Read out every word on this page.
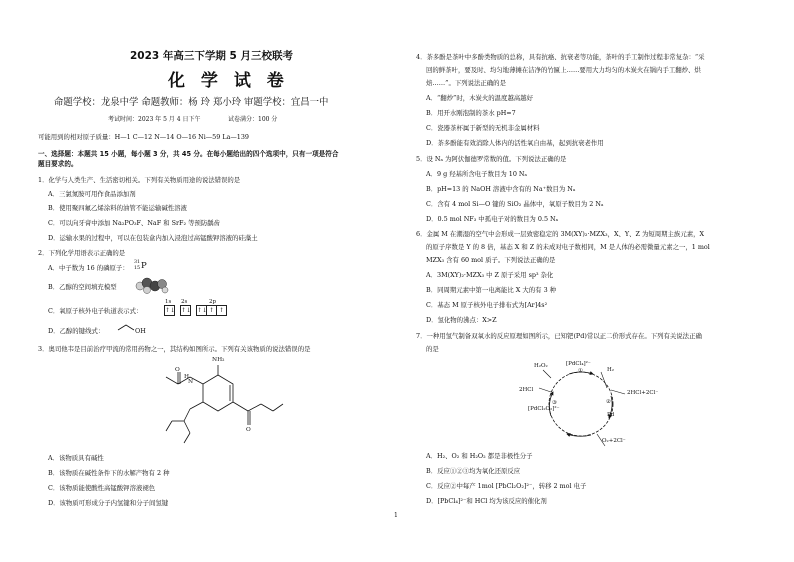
2023 年高三下学期 5 月三校联考
化 学 试 卷
命题学校：龙泉中学 命题教师：杨 玲 郑小玲 审题学校：宜昌一中
考试时间：2023 年 5 月 4 日下午	试卷满分：100 分
可能用到的相对原子质量：H—1 C—12 N—14 O—16 Ni—59 La—139
一、选择题：本题共 15 小题，每小题 3 分，共 45 分。在每小题给出的四个选项中，只有一项是符合
题目要求的。
1．化学与人类生产、生活密切相关。下列有关物质用途的说法错误的是
A．三氯氮胺可用作食品添加剂
B．使用聚四氟乙烯涂料的油管不能运输碱性溶液
C．可以向牙膏中添加 Na₂PO₃F、NaF 和 SrF₂ 等预防龋齿
D．运输水果的过程中，可以在包装盒内加入浸泡过高锰酸钾溶液的硅藻土
2．下列化学用语表示正确的是
A．中子数为 16 的磷原子：
31
15 P
B．乙醇的空间填充模型
C．氧原子核外电子轨道表示式：
1s 2s	2p
↑↓ ↑↓ ↑↓ ↑ ↑
D．乙醇的键线式：	OH
3．奥司他韦是目前治疗甲流的常用药物之一，其结构如图所示。下列有关该物质的说法错误的是
NH₂
O
H
N
O
A．该物质具有碱性
B．该物质在碱性条件下的水解产物有 2 种
C．该物质能使酸性高锰酸钾溶液褪色
D．该物质可形成分子内氢键和分子间氢键
4．茶多酚是茶叶中多酚类物质的总称，具有抗癌、抗衰老等功能，茶叶的手工制作过程非常复杂：“采
回的鲜茶叶，要及时、均匀地薄摊在洁净的竹匾上……要用大力均匀的木炭火在锅内手工翻炒、烘
焙……”。下列说法正确的是
A．“翻炒”时，木炭火的温度越高越好
B．用开水刚泡制的茶水 pH=7
C．瓷器茶杯属于新型的无机非金属材料
D．茶多酚能有效消除人体内的活性氧自由基，起到抗衰老作用
5．设 Nₐ 为阿伏伽德罗常数的值。下列说法正确的是
A．9 g 羟基所含电子数目为 10 Nₐ
B．pH=13 的 NaOH 溶液中含有的 Na⁺数目为 Nₐ
C．含有 4 mol Si—O 键的 SiO₂ 晶体中，氧原子数目为 2 Nₐ
D．0.5 mol NF₃ 中孤电子对的数目为 0.5 Nₐ
6．金属 M 在潮湿的空气中会形成一层致密稳定的 3M(XY)₂·MZX₃，X、Y、Z 为短周期主族元素，X
的原子序数是 Y 的 8 倍，基态 X 和 Z 的未成对电子数相同，M 是人体的必需微量元素之一，1 mol
MZX₃ 含有 60 mol 质子。下列说法正确的是
A．3M(XY)₂·MZX₃ 中 Z 原子采用 sp³ 杂化
B．同周期元素中第一电离能比 X 大的有 3 种
C．基态 M 原子核外电子排布式为[Ar]4s²
D．氢化物的沸点：X>Z
7．一种用氢气制备双氧水的反应原理如图所示，已知钯(Pd)常以正二价形式存在。下列有关说法正确
的是
H₂O₂	[PdCl₄]²⁻
H₂
2HCl	2HCl+2Cl⁻
[PdCl₂O₂]²⁻
Pd
O₂+2Cl⁻
①
②
③
A．H₂、O₂ 和 H₂O₂ 都是非极性分子
B．反应①②③均为氧化还原反应
C．反应②中每产 1mol [PbCl₂O₂]²⁻，转移 2 mol 电子
D．[PbCl₄]²⁻和 HCl 均为该反应的催化剂
1
